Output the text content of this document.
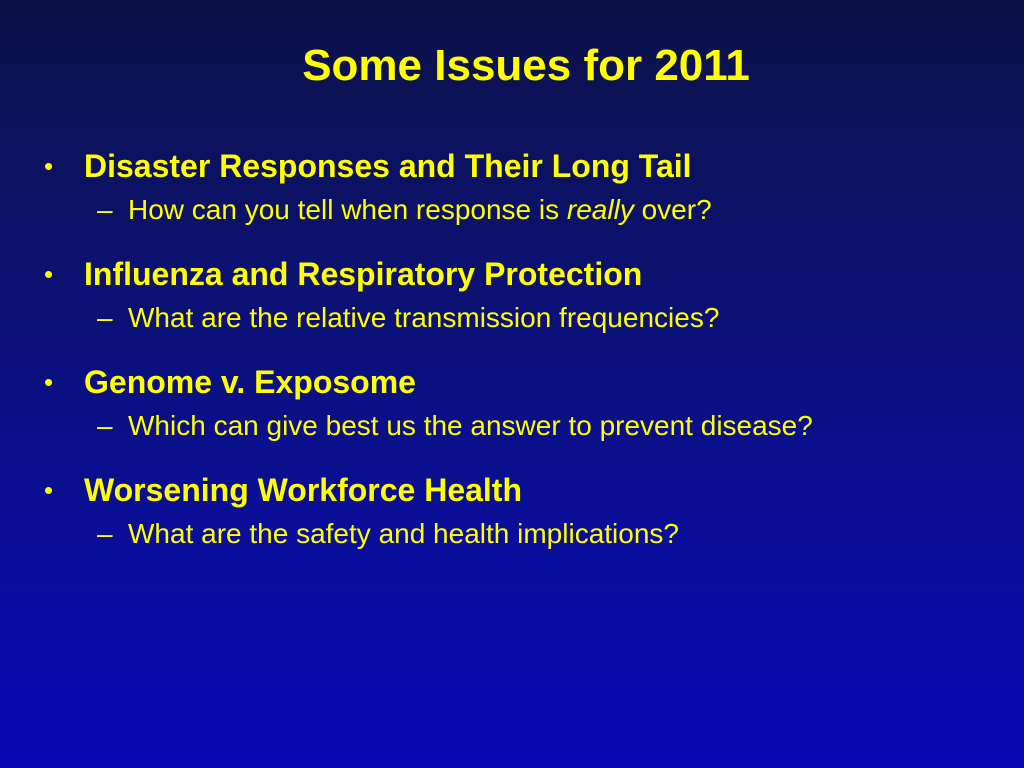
Some Issues for 2011
• Disaster Responses and Their Long Tail
– How can you tell when response is really over?
• Influenza and Respiratory Protection
– What are the relative transmission frequencies?
• Genome v. Exposome
– Which can give best us the answer to prevent disease?
• Worsening Workforce Health
– What are the safety and health implications?
